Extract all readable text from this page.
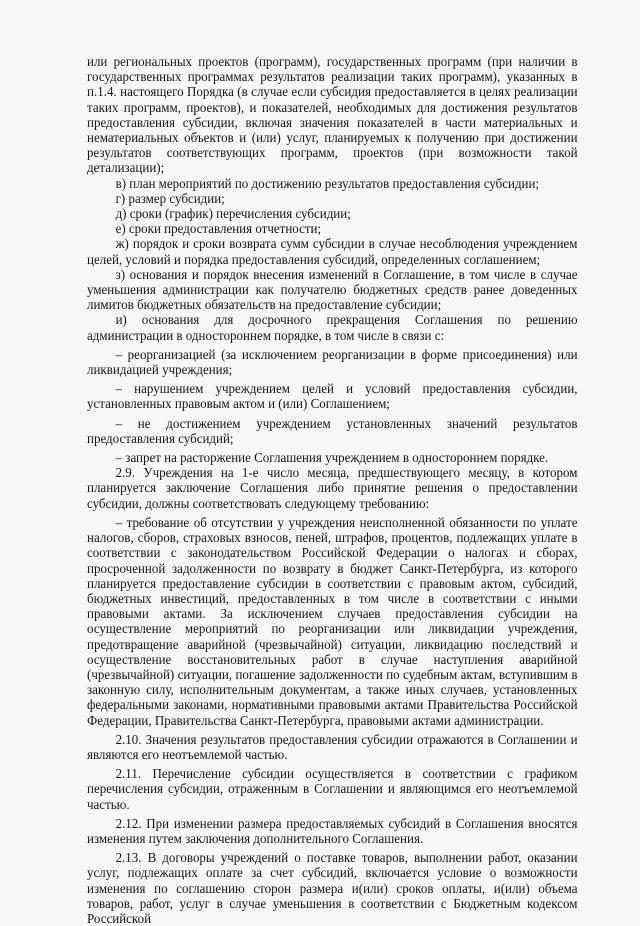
или региональных проектов (программ), государственных программ (при наличии в государственных программах результатов реализации таких программ), указанных в п.1.4. настоящего Порядка (в случае если субсидия предоставляется в целях реализации таких программ, проектов), и показателей, необходимых для достижения результатов предоставления субсидии, включая значения показателей в части материальных и нематериальных объектов и (или) услуг, планируемых к получению при достижении результатов соответствующих программ, проектов (при возможности такой детализации);

в) план мероприятий по достижению результатов предоставления субсидии;

г) размер субсидии;

д) сроки (график) перечисления субсидии;

е) сроки предоставления отчетности;

ж) порядок и сроки возврата сумм субсидии в случае несоблюдения учреждением целей, условий и порядка предоставления субсидий, определенных соглашением;

з) основания и порядок внесения изменений в Соглашение, в том числе в случае уменьшения администрации как получателю бюджетных средств ранее доведенных лимитов бюджетных обязательств на предоставление субсидии;

и) основания для досрочного прекращения Соглашения по решению администрации в одностороннем порядке, в том числе в связи с:

– реорганизацией (за исключением реорганизации в форме присоединения) или ликвидацией учреждения;

– нарушением учреждением целей и условий предоставления субсидии, установленных правовым актом и (или) Соглашением;

– не достижением учреждением установленных значений результатов предоставления субсидий;

– запрет на расторжение Соглашения учреждением в одностороннем порядке.

2.9. Учреждения на 1-е число месяца, предшествующего месяцу, в котором планируется заключение Соглашения либо принятие решения о предоставлении субсидии, должны соответствовать следующему требованию:

– требование об отсутствии у учреждения неисполненной обязанности по уплате налогов, сборов, страховых взносов, пеней, штрафов, процентов, подлежащих уплате в соответствии с законодательством Российской Федерации о налогах и сборах, просроченной задолженности по возврату в бюджет Санкт-Петербурга, из которого планируется предоставление субсидии в соответствии с правовым актом, субсидий, бюджетных инвестиций, предоставленных в том числе в соответствии с иными правовыми актами. За исключением случаев предоставления субсидии на осуществление мероприятий по реорганизации или ликвидации учреждения, предотвращение аварийной (чрезвычайной) ситуации, ликвидацию последствий и осуществление восстановительных работ в случае наступления аварийной (чрезвычайной) ситуации, погашение задолженности по судебным актам, вступившим в законную силу, исполнительным документам, а также иных случаев, установленных федеральными законами, нормативными правовыми актами Правительства Российской Федерации, Правительства Санкт-Петербурга, правовыми актами администрации.

2.10. Значения результатов предоставления субсидии отражаются в Соглашении и являются его неотъемлемой частью.

2.11. Перечисление субсидии осуществляется в соответствии с графиком перечисления субсидии, отраженным в Соглашении и являющимся его неотъемлемой частью.

2.12. При изменении размера предоставляемых субсидий в Соглашения вносятся изменения путем заключения дополнительного Соглашения.

2.13. В договоры учреждений о поставке товаров, выполнении работ, оказании услуг, подлежащих оплате за счет субсидий, включается условие о возможности изменения по соглашению сторон размера и(или) сроков оплаты, и(или) объема товаров, работ, услуг в случае уменьшения в соответствии с Бюджетным кодексом Российской
